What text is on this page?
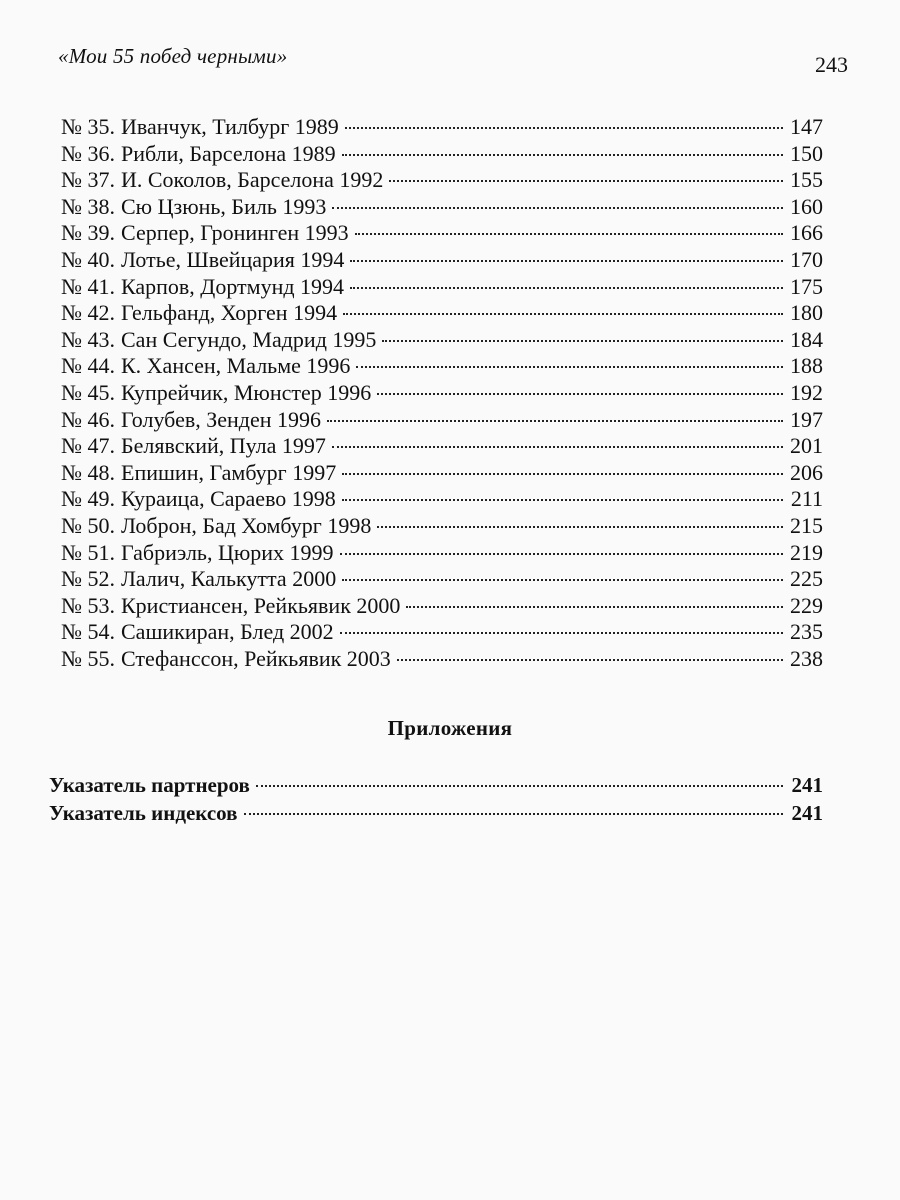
«Мои 55 побед черными»	243
№ 35. Иванчук, Тилбург 1989	147
№ 36. Рибли, Барселона 1989	150
№ 37. И. Соколов, Барселона 1992	155
№ 38. Сю Цзюнь, Биль 1993	160
№ 39. Серпер, Гронинген 1993	166
№ 40. Лотье, Швейцария 1994	170
№ 41. Карпов, Дортмунд 1994	175
№ 42. Гельфанд, Хорген 1994	180
№ 43. Сан Сегундо, Мадрид 1995	184
№ 44. К. Хансен, Мальме 1996	188
№ 45. Купрейчик, Мюнстер 1996	192
№ 46. Голубев, Зенден 1996	197
№ 47. Белявский, Пула 1997	201
№ 48. Епишин, Гамбург 1997	206
№ 49. Кураица, Сараево 1998	211
№ 50. Лоброн, Бад Хомбург 1998	215
№ 51. Габриэль, Цюрих 1999	219
№ 52. Лалич, Калькутта 2000	225
№ 53. Кристиансен, Рейкьявик 2000	229
№ 54. Сашикиран, Блед 2002	235
№ 55. Стефанссон, Рейкьявик 2003	238
Приложения
Указатель партнеров	241
Указатель индексов	241
